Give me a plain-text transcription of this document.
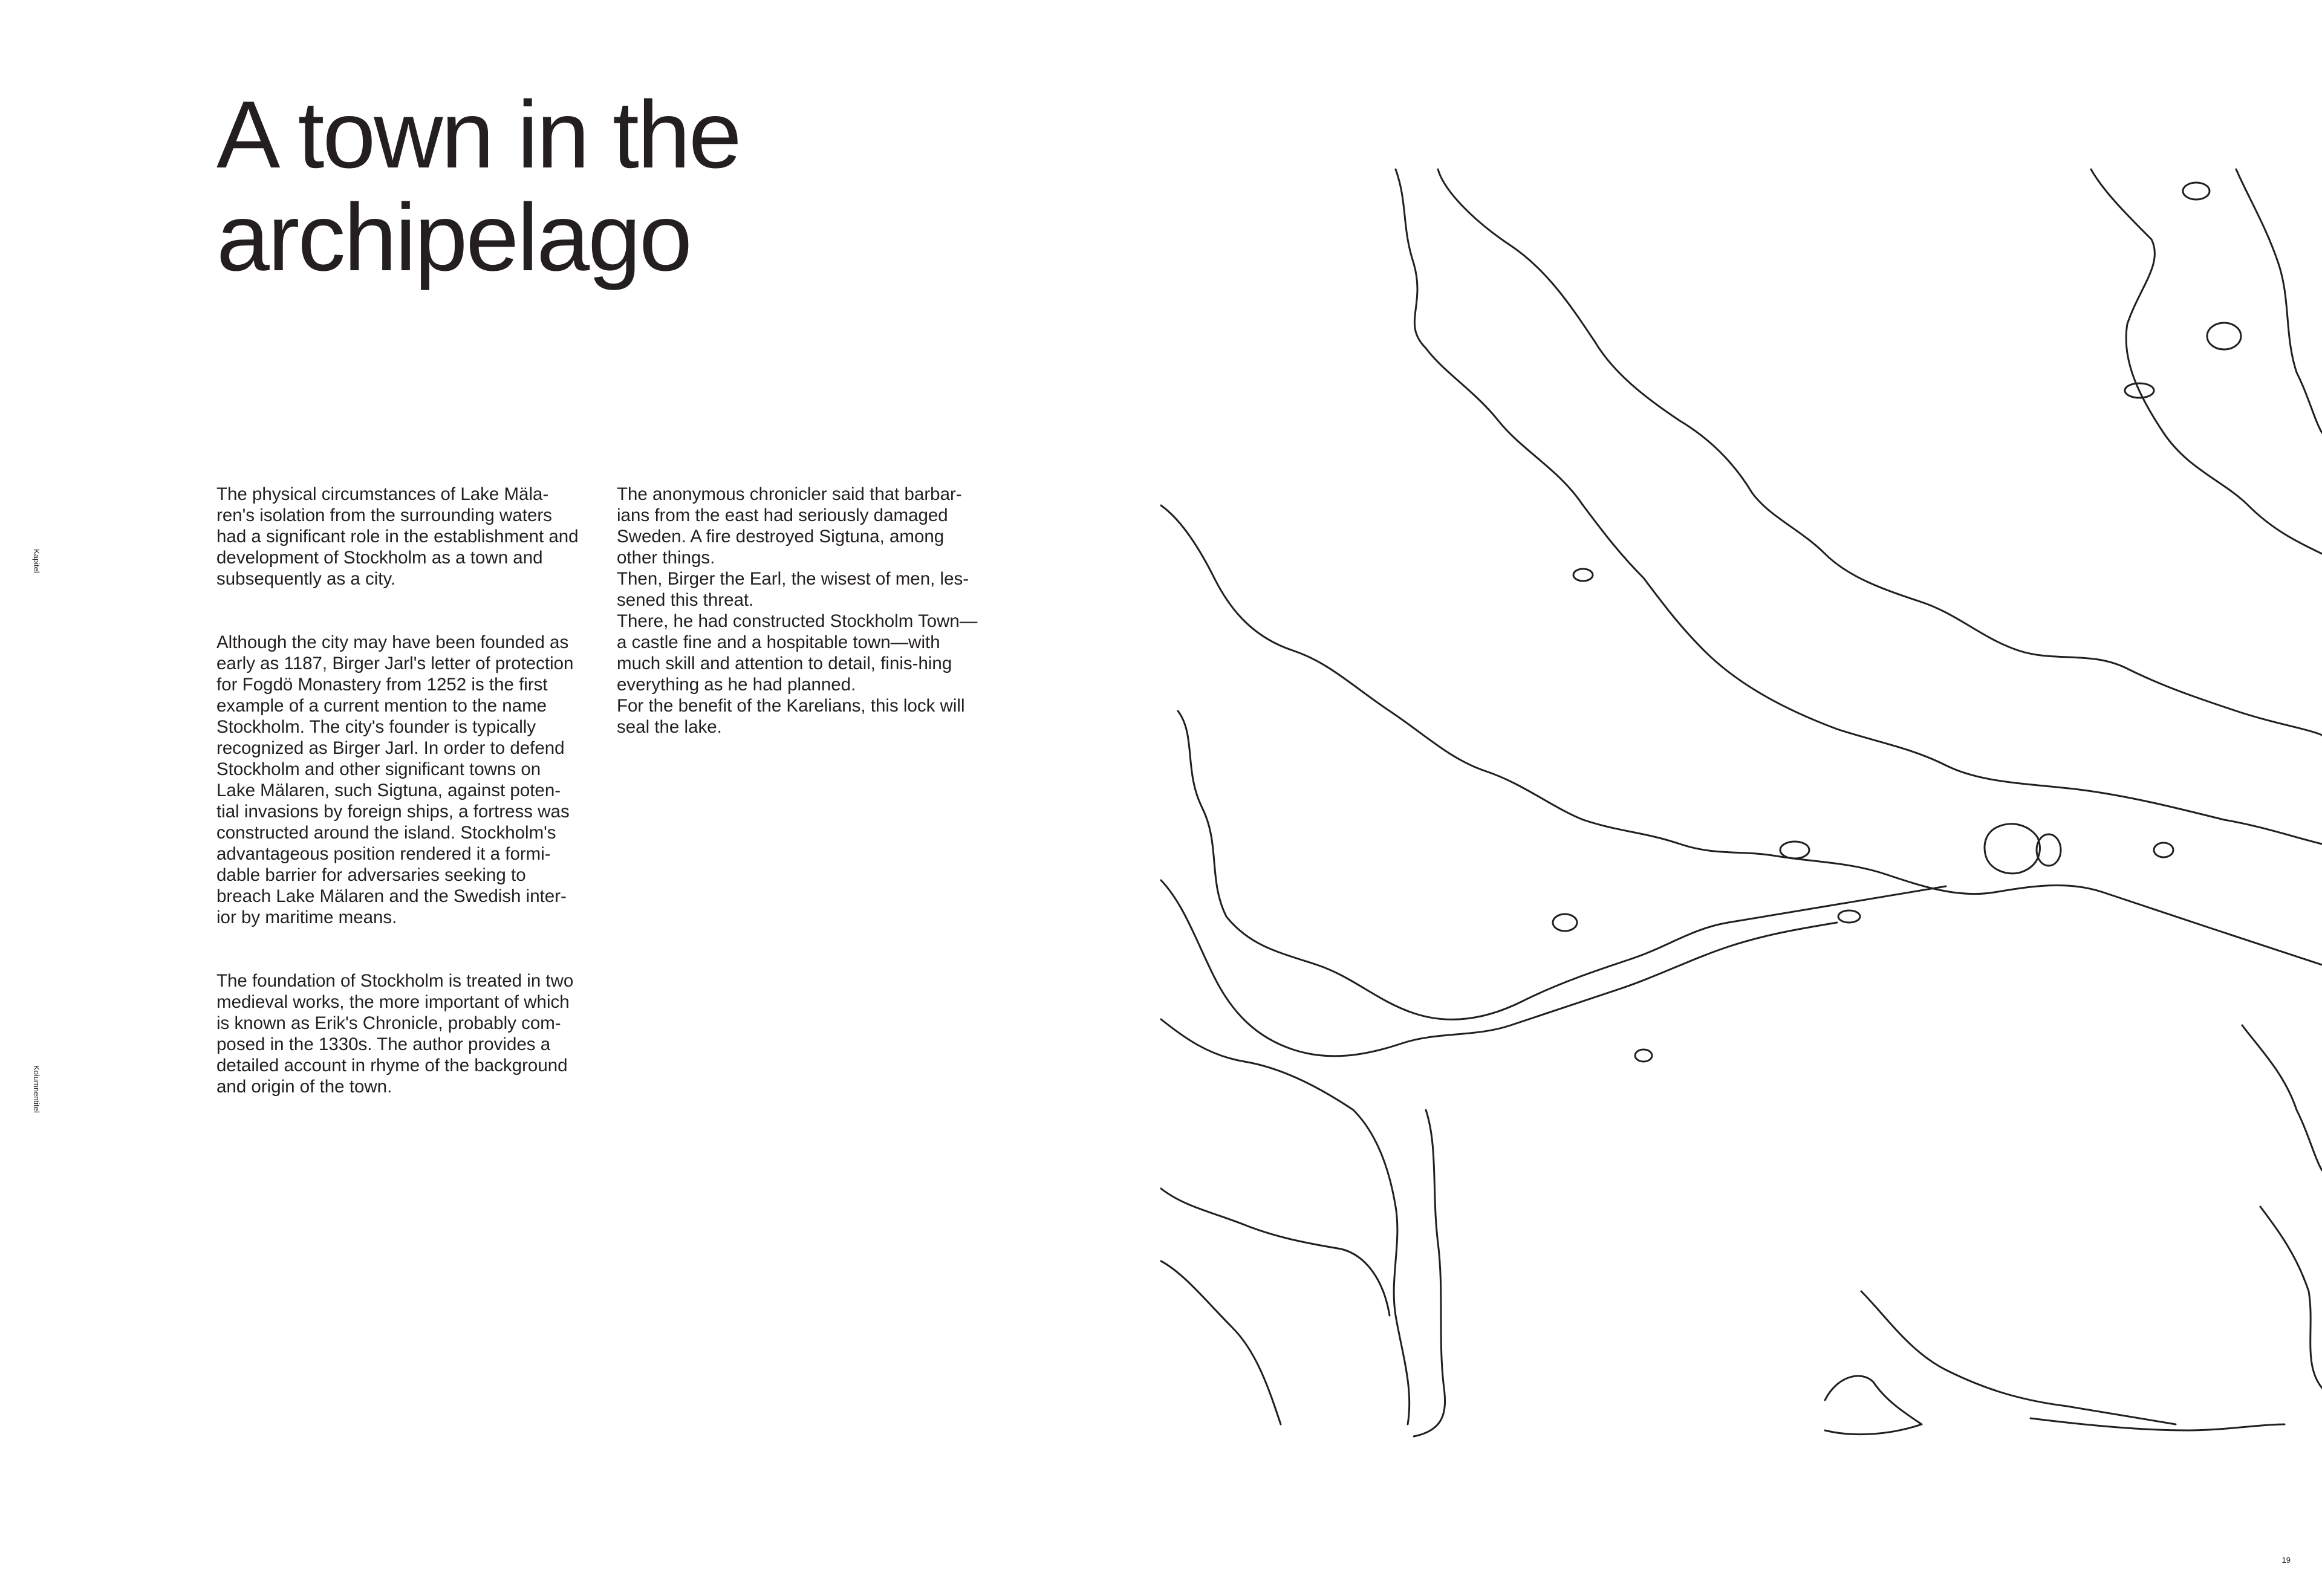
A town in the
archipelago

The physical circumstances of Lake Mäla-ren's isolation from the surrounding waters had a significant role in the establishment and development of Stockholm as a town and subsequently as a city.

Although the city may have been founded as early as 1187, Birger Jarl's letter of protection for Fogdö Monastery from 1252 is the first example of a current mention to the name Stockholm. The city's founder is typically recognized as Birger Jarl. In order to defend Stockholm and other significant towns on Lake Mälaren, such Sigtuna, against poten-tial invasions by foreign ships, a fortress was constructed around the island. Stockholm's advantageous position rendered it a formi-dable barrier for adversaries seeking to breach Lake Mälaren and the Swedish inter-ior by maritime means.

The foundation of Stockholm is treated in two medieval works, the more important of which is known as Erik's Chronicle, probably com-posed in the 1330s. The author provides a detailed account in rhyme of the background and origin of the town.

The anonymous chronicler said that barbar-ians from the east had seriously damaged Sweden. A fire destroyed Sigtuna, among other things.
Then, Birger the Earl, the wisest of men, les-sened this threat.
There, he had constructed Stockholm Town—a castle fine and a hospitable town—with much skill and attention to detail, finis-hing everything as he had planned.
For the benefit of the Karelians, this lock will seal the lake.
Kapitel
Kolumnentitel
19
